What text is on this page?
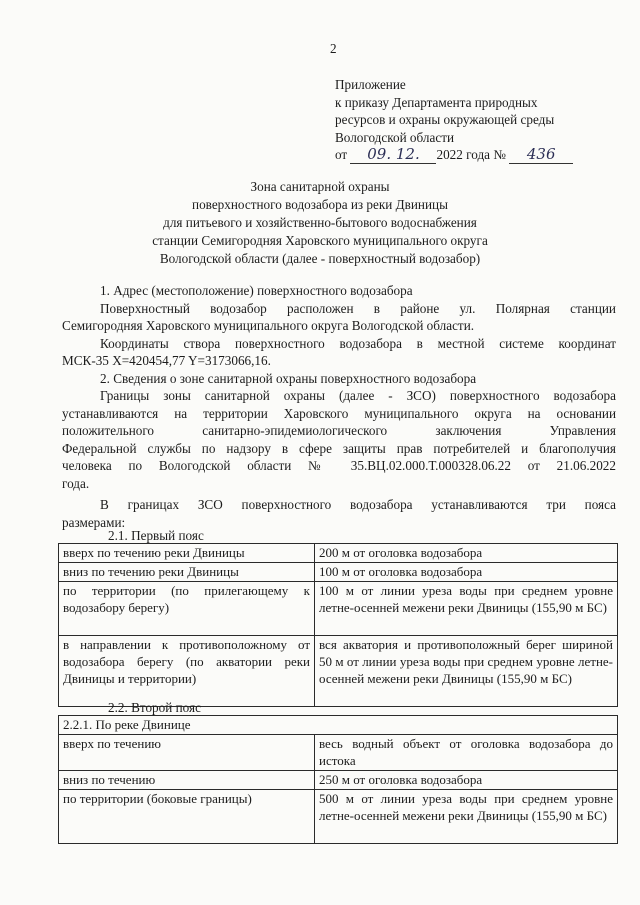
2
Приложение
к приказу Департамента природных
ресурсов и охраны окружающей среды
Вологодской области
от 09. 12. 2022 года № 436
Зона санитарной охраны
поверхностного водозабора из реки Двиницы
для питьевого и хозяйственно-бытового водоснабжения
станции Семигородняя Харовского муниципального округа
Вологодской области (далее - поверхностный водозабор)

1. Адрес (местоположение) поверхностного водозабора

Поверхностный водозабор расположен в районе ул. Полярная станции

Семигородняя Харовского муниципального округа Вологодской области.

Координаты створа поверхностного водозабора в местной системе координат

МСК-35 X=420454,77 Y=3173066,16.

2. Сведения о зоне санитарной охраны поверхностного водозабора

Границы зоны санитарной охраны (далее - ЗСО) поверхностного водозабора

устанавливаются на территории Харовского муниципального округа на основании

положительного санитарно-эпидемиологического заключения Управления

Федеральной службы по надзору в сфере защиты прав потребителей и благополучия

человека по Вологодской области № 35.ВЦ.02.000.Т.000328.06.22 от 21.06.2022

года.

В границах ЗСО поверхностного водозабора устанавливаются три пояса

размерами:

2.1. Первый пояс
вверх по течению реки Двиницы	200 м от оголовка водозабора
вниз по течению реки Двиницы	100 м от оголовка водозабора
по территории (по прилегающему к водозабору берегу)	100 м от линии уреза воды при среднем уровне летне-осенней межени реки Двиницы (155,90 м БС)
в направлении к противоположному от водозабора берегу (по акватории реки Двиницы и территории)	вся акватория и противоположный берег шириной 50 м от линии уреза воды при среднем уровне летне-осенней межени реки Двиницы (155,90 м БС)
2.2. Второй пояс
2.2.1. По реке Двинице	
вверх по течению	весь водный объект от оголовка водозабора до истока
вниз по течению	250 м от оголовка водозабора
по территории (боковые границы)	500 м от линии уреза воды при среднем уровне летне-осенней межени реки Двиницы (155,90 м БС)
